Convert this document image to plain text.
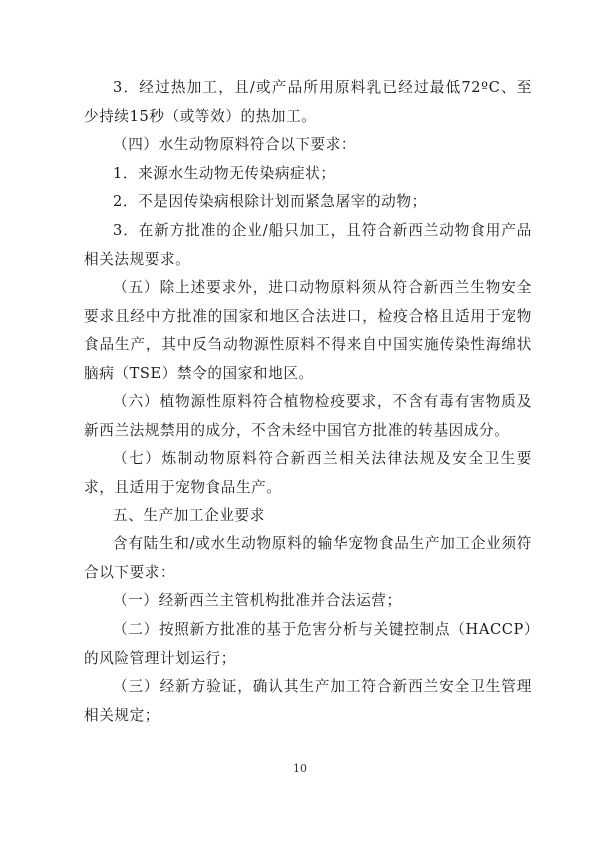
3．经过热加工，且/或产品所用原料乳已经过最低72ºC、至少持续15秒（或等效）的热加工。

（四）水生动物原料符合以下要求：

1．来源水生动物无传染病症状；

2．不是因传染病根除计划而紧急屠宰的动物；

3．在新方批准的企业/船只加工，且符合新西兰动物食用产品相关法规要求。

（五）除上述要求外，进口动物原料须从符合新西兰生物安全要求且经中方批准的国家和地区合法进口，检疫合格且适用于宠物食品生产，其中反刍动物源性原料不得来自中国实施传染性海绵状脑病（TSE）禁令的国家和地区。

（六）植物源性原料符合植物检疫要求，不含有毒有害物质及新西兰法规禁用的成分，不含未经中国官方批准的转基因成分。

（七）炼制动物原料符合新西兰相关法律法规及安全卫生要求，且适用于宠物食品生产。

五、生产加工企业要求

含有陆生和/或水生动物原料的输华宠物食品生产加工企业须符合以下要求：

（一）经新西兰主管机构批准并合法运营；

（二）按照新方批准的基于危害分析与关键控制点（HACCP）的风险管理计划运行；

（三）经新方验证，确认其生产加工符合新西兰安全卫生管理相关规定；

10
